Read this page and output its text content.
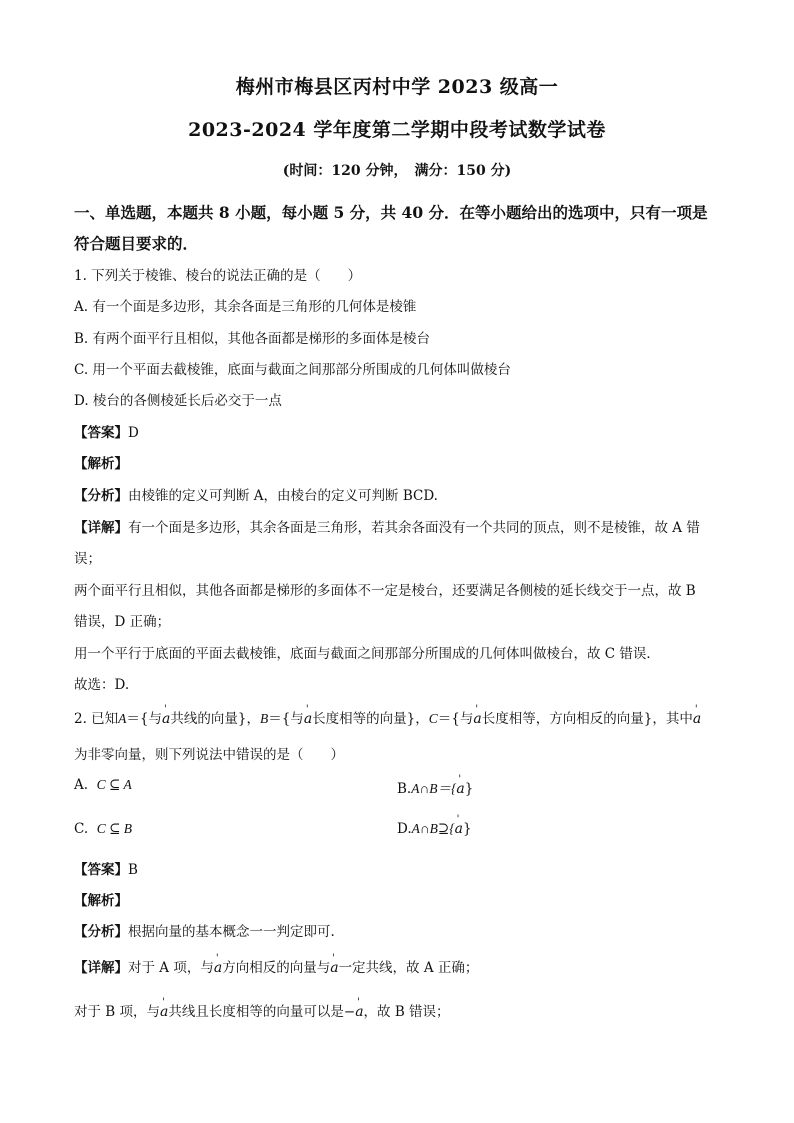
梅州市梅县区丙村中学 2023 级高一
2023-2024 学年度第二学期中段考试数学试卷
(时间：120 分钟，　满分：150 分)
一、单选题，本题共 8 小题，每小题 5 分，共 40 分．在等小题给出的选项中，只有一项是
符合题目要求的．
1. 下列关于棱锥、棱台的说法正确的是（　　）
A. 有一个面是多边形，其余各面是三角形的几何体是棱锥
B. 有两个面平行且相似，其他各面都是梯形的多面体是棱台
C. 用一个平面去截棱锥，底面与截面之间那部分所围成的几何体叫做棱台
D. 棱台的各侧棱延长后必交于一点
【答案】D
【解析】
【分析】由棱锥的定义可判断 A，由棱台的定义可判断 BCD.
【详解】有一个面是多边形，其余各面是三角形，若其余各面没有一个共同的顶点，则不是棱锥，故 A 错
误；
两个面平行且相似，其他各面都是梯形的多面体不一定是棱台，还要满足各侧棱的延长线交于一点，故 B
错误，D 正确；
用一个平行于底面的平面去截棱锥，底面与截面之间那部分所围成的几何体叫做棱台，故 C 错误．
故选：D.
2. 已知A＝{与' a共线的向量}，B＝{与' a长度相等的向量}，C＝{与' a长度相等，方向相反的向量}，其中' a
为非零向量，则下列说法中错误的是（　　）
A. C ⊆ A	B.A∩B＝{' a}
C. C ⊆ B	D.A∩B⊇{' a}
【答案】B
【解析】
【分析】根据向量的基本概念一一判定即可.
【详解】对于 A 项，与' a方向相反的向量与' a一定共线，故 A 正确；
对于 B 项，与' a共线且长度相等的向量可以是−' a，故 B 错误；
